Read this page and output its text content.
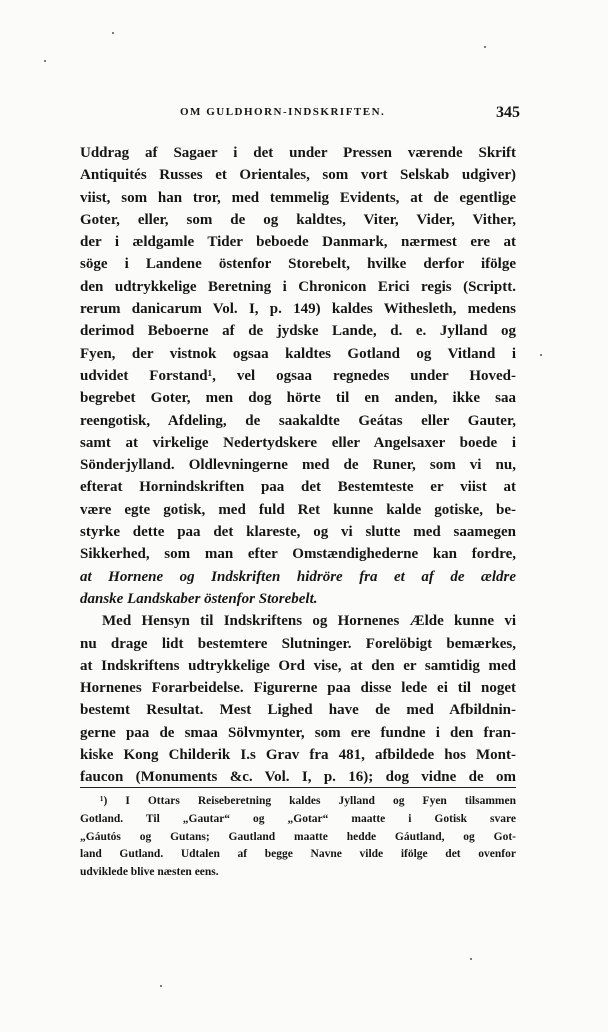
OM GULDHORN-INDSKRIFTEN.	345
Uddrag af Sagaer i det under Pressen værende Skrift
Antiquités Russes et Orientales, som vort Selskab udgiver)
viist, som han tror, med temmelig Evidents, at de egentlige
Goter, eller, som de og kaldtes, Viter, Vider, Vither,
der i ældgamle Tider beboede Danmark, nærmest ere at
söge i Landene östenfor Storebelt, hvilke derfor ifölge
den udtrykkelige Beretning i Chronicon Erici regis (Scriptt.
rerum danicarum Vol. I, p. 149) kaldes Withesleth, medens
derimod Beboerne af de jydske Lande, d. e. Jylland og
Fyen, der vistnok ogsaa kaldtes Gotland og Vitland i
udvidet Forstand¹, vel ogsaa regnedes under Hoved-
begrebet Goter, men dog hörte til en anden, ikke saa
reengotisk, Afdeling, de saakaldte Geátas eller Gauter,
samt at virkelige Nedertydskere eller Angelsaxer boede i
Sönderjylland. Oldlevningerne med de Runer, som vi nu,
efterat Hornindskriften paa det Bestemteste er viist at
være egte gotisk, med fuld Ret kunne kalde gotiske, be-
styrke dette paa det klareste, og vi slutte med saamegen
Sikkerhed, som man efter Omstændighederne kan fordre,
at Hornene og Indskriften hidröre fra et af de ældre
danske Landskaber östenfor Storebelt.
Med Hensyn til Indskriftens og Hornenes Ælde kunne vi
nu drage lidt bestemtere Slutninger. Forelöbigt bemærkes,
at Indskriftens udtrykkelige Ord vise, at den er samtidig med
Hornenes Forarbeidelse. Figurerne paa disse lede ei til noget
bestemt Resultat. Mest Lighed have de med Afbildnin-
gerne paa de smaa Sölvmynter, som ere fundne i den fran-
kiske Kong Childerik I.s Grav fra 481, afbildede hos Mont-
faucon (Monuments &c. Vol. I, p. 16); dog vidne de om
¹) I Ottars Reiseberetning kaldes Jylland og Fyen tilsammen
Gotland. Til „Gautar“ og „Gotar“ maatte i Gotisk svare
„Gáutós og Gutans; Gautland maatte hedde Gáutland, og Got-
land Gutland. Udtalen af begge Navne vilde ifölge det ovenfor
udviklede blive næsten eens.
